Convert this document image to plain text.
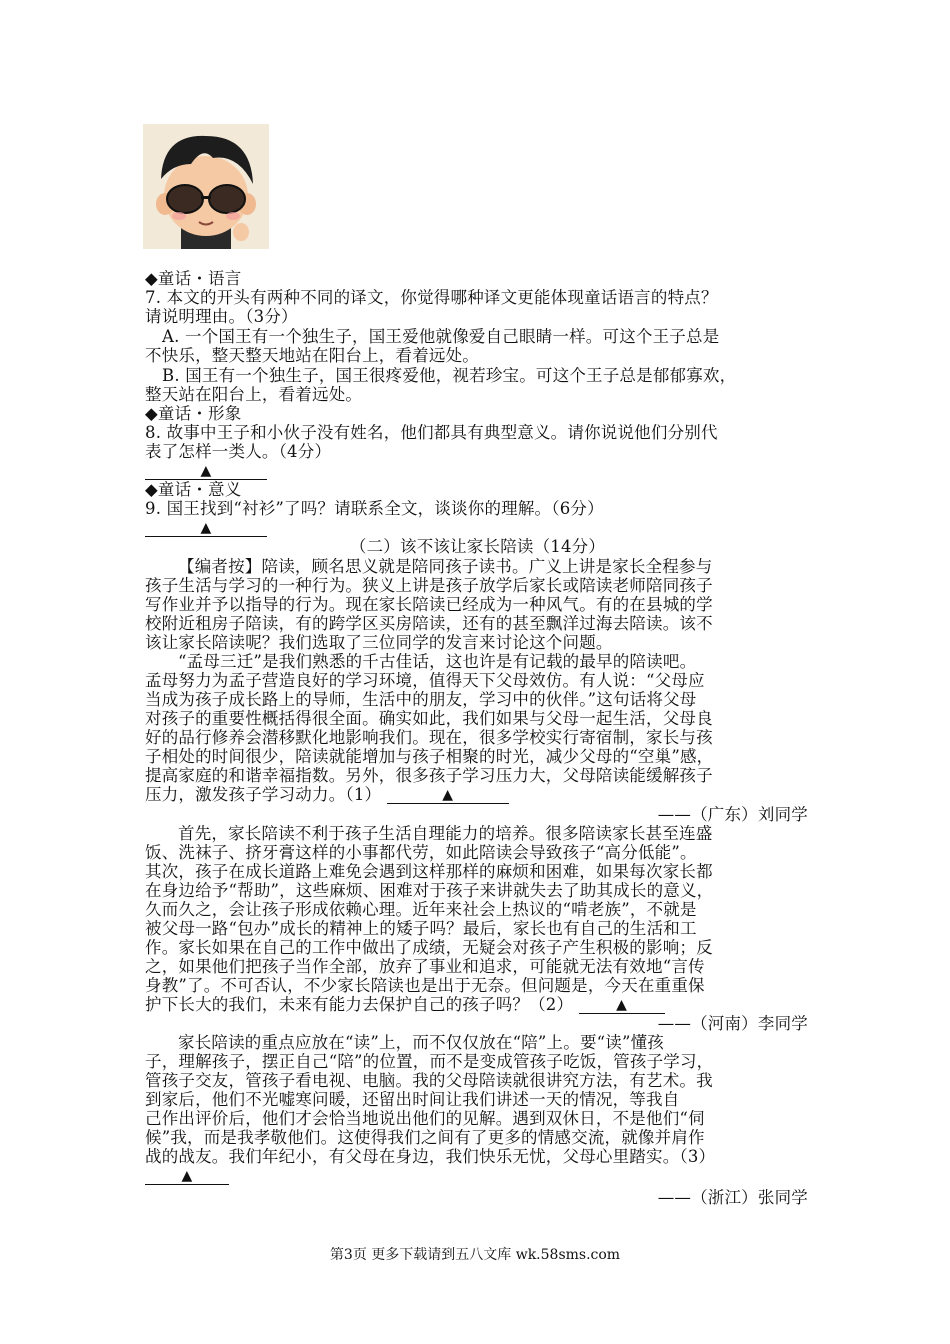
◆童话・语言
7. 本文的开头有两种不同的译文，你觉得哪种译文更能体现童话语言的特点？
请说明理由。（3分）
A. 一个国王有一个独生子，国王爱他就像爱自己眼睛一样。可这个王子总是
不快乐，整天整天地站在阳台上，看着远处。
B. 国王有一个独生子，国王很疼爱他，视若珍宝。可这个王子总是郁郁寡欢，
整天站在阳台上，看着远处。
◆童话・形象
8. 故事中王子和小伙子没有姓名，他们都具有典型意义。请你说说他们分别代
表了怎样一类人。（4分）
▲
◆童话・意义
9. 国王找到“衬衫”了吗？请联系全文，谈谈你的理解。（6分）
▲
（二）该不该让家长陪读（14分）
【编者按】陪读，顾名思义就是陪同孩子读书。广义上讲是家长全程参与
孩子生活与学习的一种行为。狭义上讲是孩子放学后家长或陪读老师陪同孩子
写作业并予以指导的行为。现在家长陪读已经成为一种风气。有的在县城的学
校附近租房子陪读，有的跨学区买房陪读，还有的甚至飘洋过海去陪读。该不
该让家长陪读呢？我们选取了三位同学的发言来讨论这个问题。
“孟母三迁”是我们熟悉的千古佳话，这也许是有记载的最早的陪读吧。
孟母努力为孟子营造良好的学习环境，值得天下父母效仿。有人说：“父母应
当成为孩子成长路上的导师，生活中的朋友，学习中的伙伴。”这句话将父母
对孩子的重要性概括得很全面。确实如此，我们如果与父母一起生活，父母良
好的品行修养会潜移默化地影响我们。现在，很多学校实行寄宿制，家长与孩
子相处的时间很少，陪读就能增加与孩子相聚的时光，减少父母的“空巢”感，
提高家庭的和谐幸福指数。另外，很多孩子学习压力大，父母陪读能缓解孩子
压力，激发孩子学习动力。（1）	▲
——（广东）刘同学
首先，家长陪读不利于孩子生活自理能力的培养。很多陪读家长甚至连盛
饭、洗袜子、挤牙膏这样的小事都代劳，如此陪读会导致孩子“高分低能”。
其次，孩子在成长道路上难免会遇到这样那样的麻烦和困难，如果每次家长都
在身边给予“帮助”，这些麻烦、困难对于孩子来讲就失去了助其成长的意义，
久而久之，会让孩子形成依赖心理。近年来社会上热议的“啃老族”，不就是
被父母一路“包办”成长的精神上的矮子吗？最后，家长也有自己的生活和工
作。家长如果在自己的工作中做出了成绩，无疑会对孩子产生积极的影响；反
之，如果他们把孩子当作全部，放弃了事业和追求，可能就无法有效地“言传
身教”了。不可否认，不少家长陪读也是出于无奈。但问题是，今天在重重保
护下长大的我们，未来有能力去保护自己的孩子吗？（2）	▲
——（河南）李同学
家长陪读的重点应放在“读”上，而不仅仅放在“陪”上。要“读”懂孩
子，理解孩子，摆正自己“陪”的位置，而不是变成管孩子吃饭，管孩子学习，
管孩子交友，管孩子看电视、电脑。我的父母陪读就很讲究方法，有艺术。我
到家后，他们不光嘘寒问暖，还留出时间让我们讲述一天的情况，等我自
己作出评价后，他们才会恰当地说出他们的见解。遇到双休日，不是他们“伺
候”我，而是我孝敬他们。这使得我们之间有了更多的情感交流，就像并肩作
战的战友。我们年纪小，有父母在身边，我们快乐无忧，父母心里踏实。（3）
▲
——（浙江）张同学
第3页 更多下载请到五八文库 wk.58sms.com
